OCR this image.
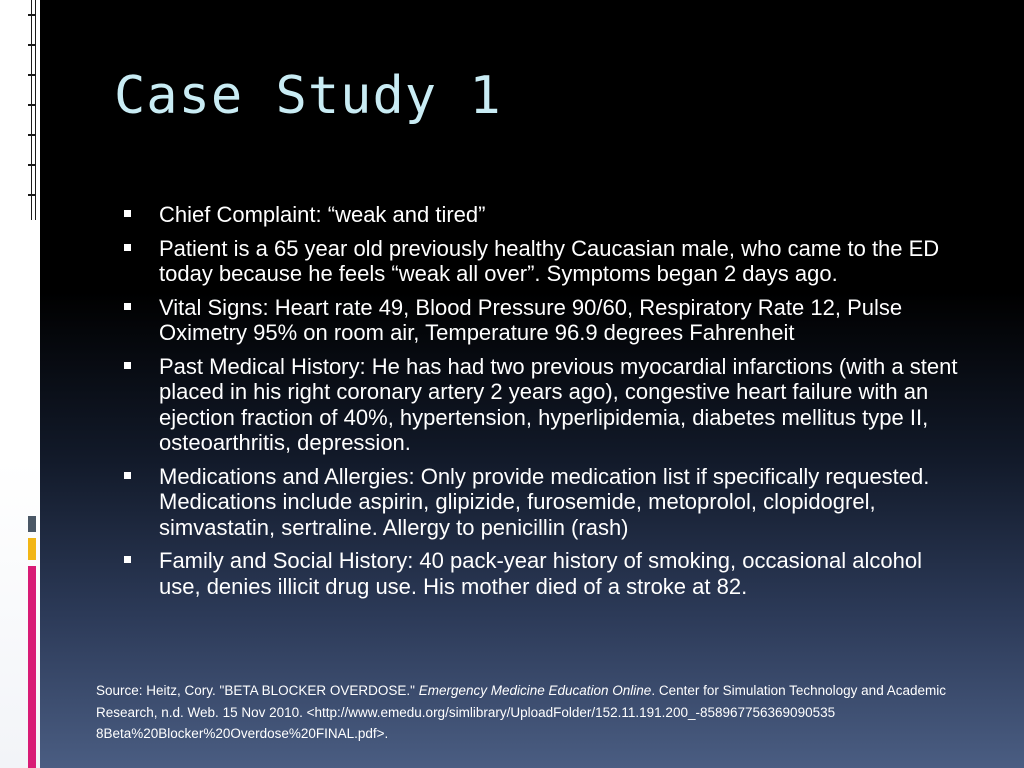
Case Study 1
Chief Complaint: “weak and tired”
Patient is a 65 year old previously healthy Caucasian male, who came to the ED today because he feels “weak all over”. Symptoms began 2 days ago.
Vital Signs: Heart rate 49, Blood Pressure 90/60, Respiratory Rate 12, Pulse Oximetry 95% on room air, Temperature 96.9 degrees Fahrenheit
Past Medical History: He has had two previous myocardial infarctions (with a stent placed in his right coronary artery 2 years ago), congestive heart failure with an ejection fraction of 40%, hypertension, hyperlipidemia, diabetes mellitus type II, osteoarthritis, depression.
Medications and Allergies: Only provide medication list if specifically requested. Medications include aspirin, glipizide, furosemide, metoprolol, clopidogrel, simvastatin, sertraline. Allergy to penicillin (rash)
Family and Social History: 40 pack-year history of smoking, occasional alcohol use, denies illicit drug use. His mother died of a stroke at 82.
Source: Heitz, Cory. "BETA BLOCKER OVERDOSE." Emergency Medicine Education Online. Center for Simulation Technology and Academic Research, n.d. Web. 15 Nov 2010. <http://www.emedu.org/simlibrary/UploadFolder/152.11.191.200_-858967756369090535 8Beta%20Blocker%20Overdose%20FINAL.pdf>.
